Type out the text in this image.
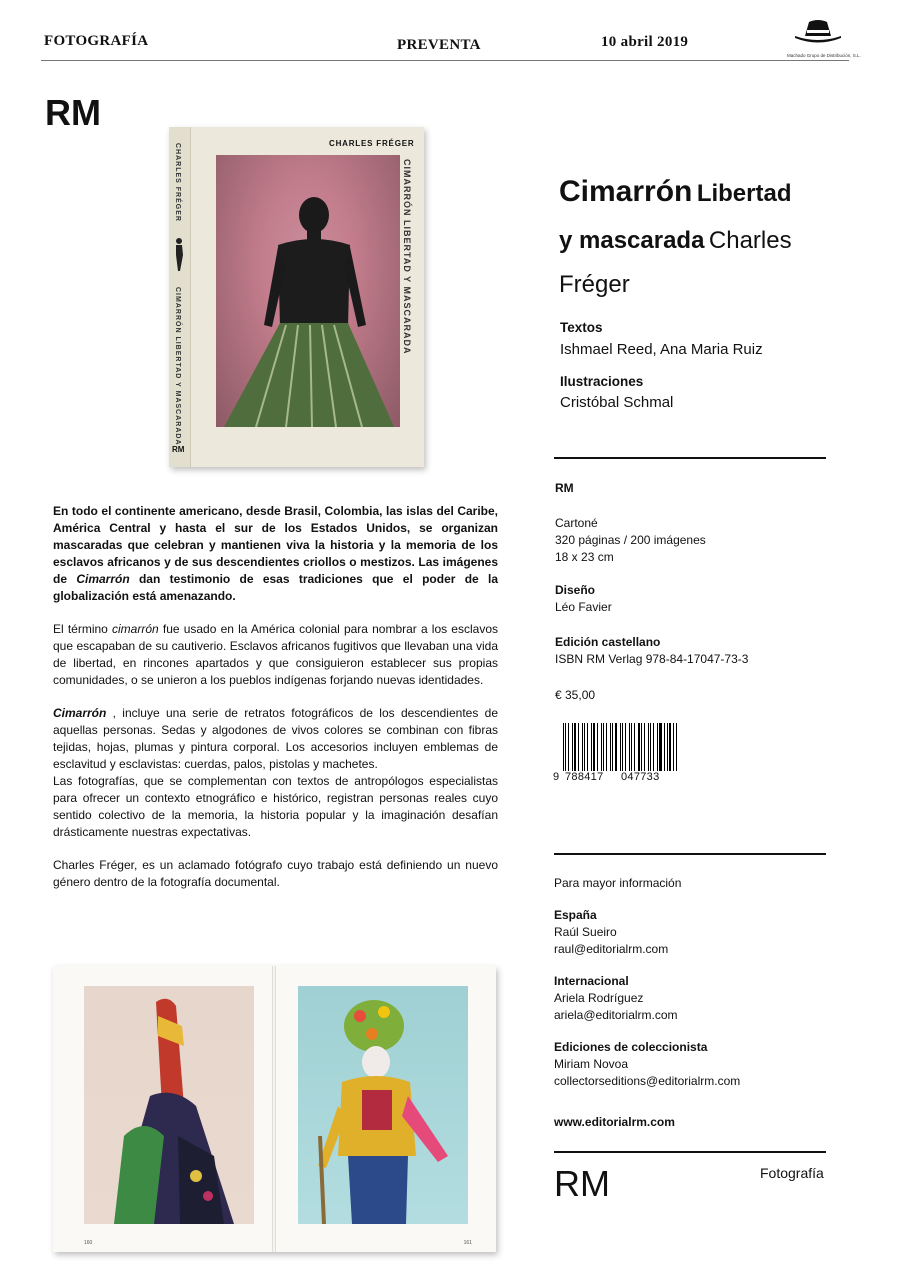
FOTOGRAFÍA	PREVENTA	10 abril 2019
Machado Grupo de Distribución, S.L.
RM
CHARLES FRÉGER
CIMARRÓN LIBERTAD Y MASCARADA
RM
CHARLES FRÉGER
CIMARRÓN LIBERTAD Y MASCARADA	Cimarrón Libertad
y mascarada Charles
Fréger
Textos
Ishmael Reed, Ana Maria Ruiz
Ilustraciones
Cristóbal Schmal
RM
Cartoné
320 páginas / 200 imágenes
18 x 23 cm
Diseño
Léo Favier
Edición castellano
ISBN RM Verlag 978-84-17047-73-3
€ 35,00
9 788417	047733
Para mayor información
España
Raúl Sueiro
raul@editorialrm.com
Internacional
Ariela Rodríguez
ariela@editorialrm.com
Ediciones de coleccionista
Miriam Novoa
collectorseditions@editorialrm.com
www.editorialrm.com
RM	Fotografía

En todo el continente americano, desde Brasil, Colombia, las islas del Caribe, América Central y hasta el sur de los Estados Unidos, se organizan mascaradas que celebran y mantienen viva la historia y la memoria de los esclavos africanos y de sus descendientes criollos o mestizos. Las imágenes de Cimarrón dan testimonio de esas tradiciones que el poder de la globalización está amenazando.

El término cimarrón fue usado en la América colonial para nombrar a los esclavos que escapaban de su cautiverio. Esclavos africanos fugitivos que llevaban una vida de libertad, en rincones apartados y que consiguieron establecer sus propias comunidades, o se unieron a los pueblos indígenas forjando nuevas identidades.

Cimarrón , incluye una serie de retratos fotográficos de los descendientes de aquellas personas. Sedas y algodones de vivos colores se combinan con fibras tejidas, hojas, plumas y pintura corporal. Los accesorios incluyen emblemas de esclavitud y esclavistas: cuerdas, palos, pistolas y machetes.

Las fotografías, que se complementan con textos de antropólogos especialistas para ofrecer un contexto etnográfico e histórico, registran personas reales cuyo sentido colectivo de la memoria, la historia popular y la imaginación desafían drásticamente nuestras expectativas.

Charles Fréger, es un aclamado fotógrafo cuyo trabajo está definiendo un nuevo género dentro de la fotografía documental.

160	161
